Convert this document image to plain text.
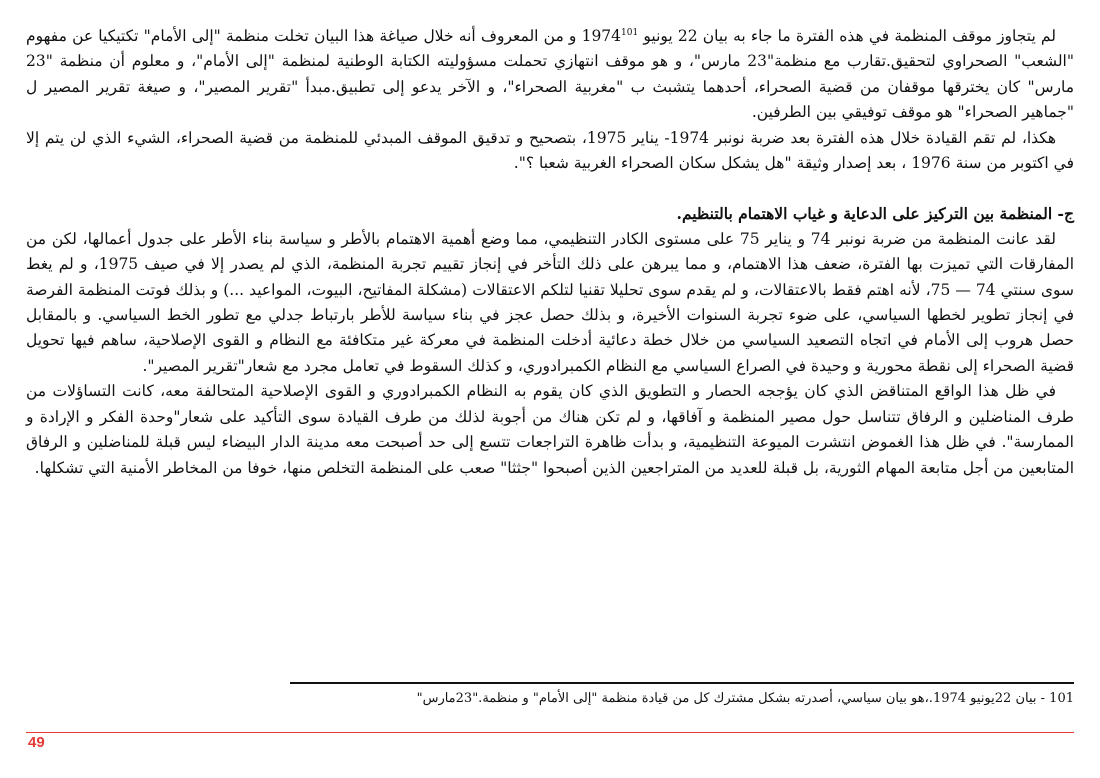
لم يتجاوز موقف المنظمة في هذه الفترة ما جاء به بيان 22 يونيو 1974$^{101}$ و من المعروف أنه خلال صياغة هذا البيان تخلت منظمة "إلى الأمام" تكتيكيا عن مفهوم "الشعب" الصحراوي لتحقيق.تقارب مع منظمة"23 مارس"، و هو موقف انتهازي تحملت مسؤوليته الكتابة الوطنية لمنظمة "إلى الأمام"، و معلوم أن منظمة "23 مارس" كان يخترقها موقفان من قضية الصحراء، أحدهما يتشبث ب "مغربية الصحراء"، و الآخر يدعو إلى تطبيق.مبدأ "تقرير المصير"، و صيغة تقرير المصير ل "جماهير الصحراء" هو موقف توفيقي بين الطرفين.

هكذا، لم تقم القيادة خلال هذه الفترة بعد ضربة نونبر 1974- يناير 1975، بتصحيح و تدقيق الموقف المبدئي للمنظمة من قضية الصحراء، الشيء الذي لن يتم إلا في اكتوبر من سنة 1976 ، بعد إصدار وثيقة "هل يشكل سكان الصحراء الغربية شعبا ؟".

ج- المنظمة بين التركيز على الدعاية و غياب الاهتمام بالتنظيم.

لقد عانت المنظمة من ضربة نونبر 74 و يناير 75 على مستوى الكادر التنظيمي، مما وضع أهمية الاهتمام بالأطر و سياسة بناء الأطر على جدول أعمالها، لكن من المفارقات التي تميزت بها الفترة، ضعف هذا الاهتمام، و مما يبرهن على ذلك التأخر في إنجاز تقييم تجربة المنظمة، الذي لم يصدر إلا في صيف 1975، و لم يغط سوى سنتي 74 — 75، لأنه اهتم فقط بالاعتقالات، و لم يقدم سوى تحليلا تقنيا لتلكم الاعتقالات (مشكلة المفاتيح، البيوت، المواعيد ...) و بذلك فوتت المنظمة الفرصة في إنجاز تطوير لخطها السياسي، على ضوء تجربة السنوات الأخيرة، و بذلك حصل عجز في بناء سياسة للأطر بارتباط جدلي مع تطور الخط السياسي. و بالمقابل حصل هروب إلى الأمام في اتجاه التصعيد السياسي من خلال خطة دعائية أدخلت المنظمة في معركة غير متكافئة مع النظام و القوى الإصلاحية، ساهم فيها تحويل قضية الصحراء إلى نقطة محورية و وحيدة في الصراع السياسي مع النظام الكمبرادوري، و كذلك السقوط في تعامل مجرد مع شعار"تقرير المصير".

في ظل هذا الواقع المتناقض الذي كان يؤججه الحصار و التطويق الذي كان يقوم به النظام الكمبرادوري و القوى الإصلاحية المتحالفة معه، كانت التساؤلات من طرف المناضلين و الرفاق تتناسل حول مصير المنظمة و آفاقها، و لم تكن هناك من أجوبة لذلك من طرف القيادة سوى التأكيد على شعار"وحدة الفكر و الإرادة و الممارسة". في ظل هذا الغموض انتشرت الميوعة التنظيمية، و بدأت ظاهرة التراجعات تتسع إلى حد أصبحت معه مدينة الدار البيضاء ليس قبلة للمناضلين و الرفاق المتابعين من أجل متابعة المهام الثورية، بل قبلة للعديد من المتراجعين الذين أصبحوا "جثثا" صعب على المنظمة التخلص منها، خوفا من المخاطر الأمنية التي تشكلها.

101 - بيان 22يونيو 1974.،هو بيان سياسي، أصدرته بشكل مشترك كل من قيادة منظمة "إلى الأمام" و منظمة."23مارس"
49
